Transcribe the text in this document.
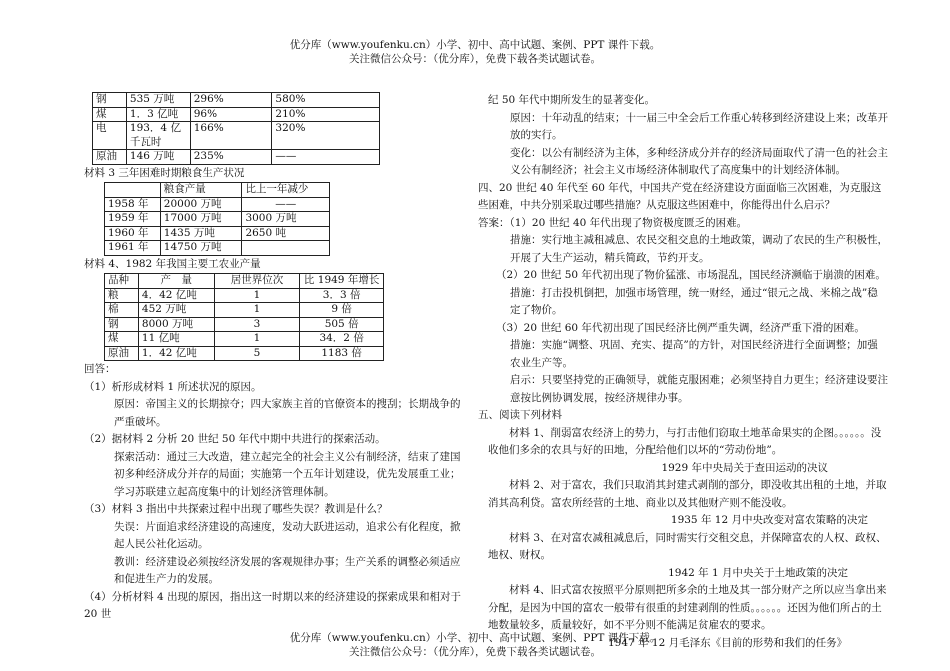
优分库（www.youfenku.cn）小学、初中、高中试题、案例、PPT 课件下载。
关注微信公众号：（优分库），免费下载各类试题试卷。
钢	535 万吨	296%	580%
煤	1．3 亿吨	96%	210%
电	193．4 亿千瓦时	166%	320%
原油	146 万吨	235%	——

材料 3 三年困难时期粮食生产状况

	粮食产量	比上一年减少
1958 年	20000 万吨	——
1959 年	17000 万吨	3000 万吨
1960 年	1435 万吨	2650 吨
1961 年	14750 万吨	

材料 4、1982 年我国主要工农业产量

品种	产　量	居世界位次	比 1949 年增长
粮	4．42 亿吨	1	3．3 倍
棉	452 万吨	1	9 倍
钢	8000 万吨	3	505 倍
煤	11 亿吨	1	34．2 倍
原油	1．42 亿吨	5	1183 倍

回答：

（1）析形成材料 1 所述状况的原因。

原因：帝国主义的长期掠夺；四大家族主首的官僚资本的搜刮；长期战争的严重破坏。

（2）据材料 2 分析 20 世纪 50 年代中期中共进行的探索活动。

探索活动：通过三大改造，建立起完全的社会主义公有制经济，结束了建国初多种经济成分并存的局面；实施第一个五年计划建设，优先发展重工业；学习苏联建立起高度集中的计划经济管理体制。

（3）材料 3 指出中共探索过程中出现了哪些失误？教训是什么？

失误：片面追求经济建设的高速度，发动大跃进运动，追求公有化程度，掀起人民公社化运动。

教训：经济建设必须按经济发展的客观规律办事；生产关系的调整必须适应和促进生产力的发展。

（4）分析材料 4 出现的原因，指出这一时期以来的经济建设的探索成果和相对于 20 世

纪 50 年代中期所发生的显著变化。

原因：十年动乱的结束；十一届三中全会后工作重心转移到经济建设上来；改革开放的实行。

变化：以公有制经济为主体，多种经济成分并存的经济局面取代了清一色的社会主义公有制经济；社会主义市场经济体制取代了高度集中的计划经济体制。

四、20 世纪 40 年代至 60 年代，中国共产党在经济建设方面面临三次困难，为克服这些困难，中共分别采取过哪些措施？从克服这些困难中，你能得出什么启示？

答案：（1）20 世纪 40 年代出现了物资极度匮乏的困难。

措施：实行地主减租减息、农民交租交息的土地政策，调动了农民的生产积极性，开展了大生产运动，精兵简政，节约开支。

（2）20 世纪 50 年代初出现了物价猛涨、市场混乱，国民经济濒临于崩溃的困难。

措施：打击投机倒把，加强市场管理，统一财经，通过“银元之战、米棉之战”稳定了物价。

（3）20 世纪 60 年代初出现了国民经济比例严重失调，经济严重下滑的困难。

措施：实施“调整、巩固、充实、提高”的方针，对国民经济进行全面调整；加强农业生产等。

启示：只要坚持党的正确领导，就能克服困难；必须坚持自力更生；经济建设要注意按比例协调发展，按经济规律办事。

五、阅读下列材料

材料 1、削弱富农经济上的势力，与打击他们窃取土地革命果实的企图。。。。。。没收他们多余的农具与好的田地，分配给他们以坏的“劳动份地”。

1929 年中央局关于查田运动的决议

材料 2、对于富农，我们只取消其封建式剥削的部分，即没收其出租的土地，并取消其高利贷。富农所经营的土地、商业以及其他财产则不能没收。

1935 年 12 月中央改变对富农策略的决定

材料 3、在对富农减租减息后，同时需实行交租交息，并保障富农的人权、政权、地权、财权。

1942 年 1 月中央关于土地政策的决定

材料 4、旧式富农按照平分原则把所多余的土地及其一部分财产之所以应当拿出来分配，是因为中国的富农一般带有很重的封建剥削的性质。。。。。。还因为他们所占的土地数量较多，质量较好，如不平分则不能满足贫雇农的要求。

1947 年 12 月毛泽东《目前的形势和我们的任务》

优分库（www.youfenku.cn）小学、初中、高中试题、案例、PPT 课件下载。
关注微信公众号：（优分库），免费下载各类试题试卷。
